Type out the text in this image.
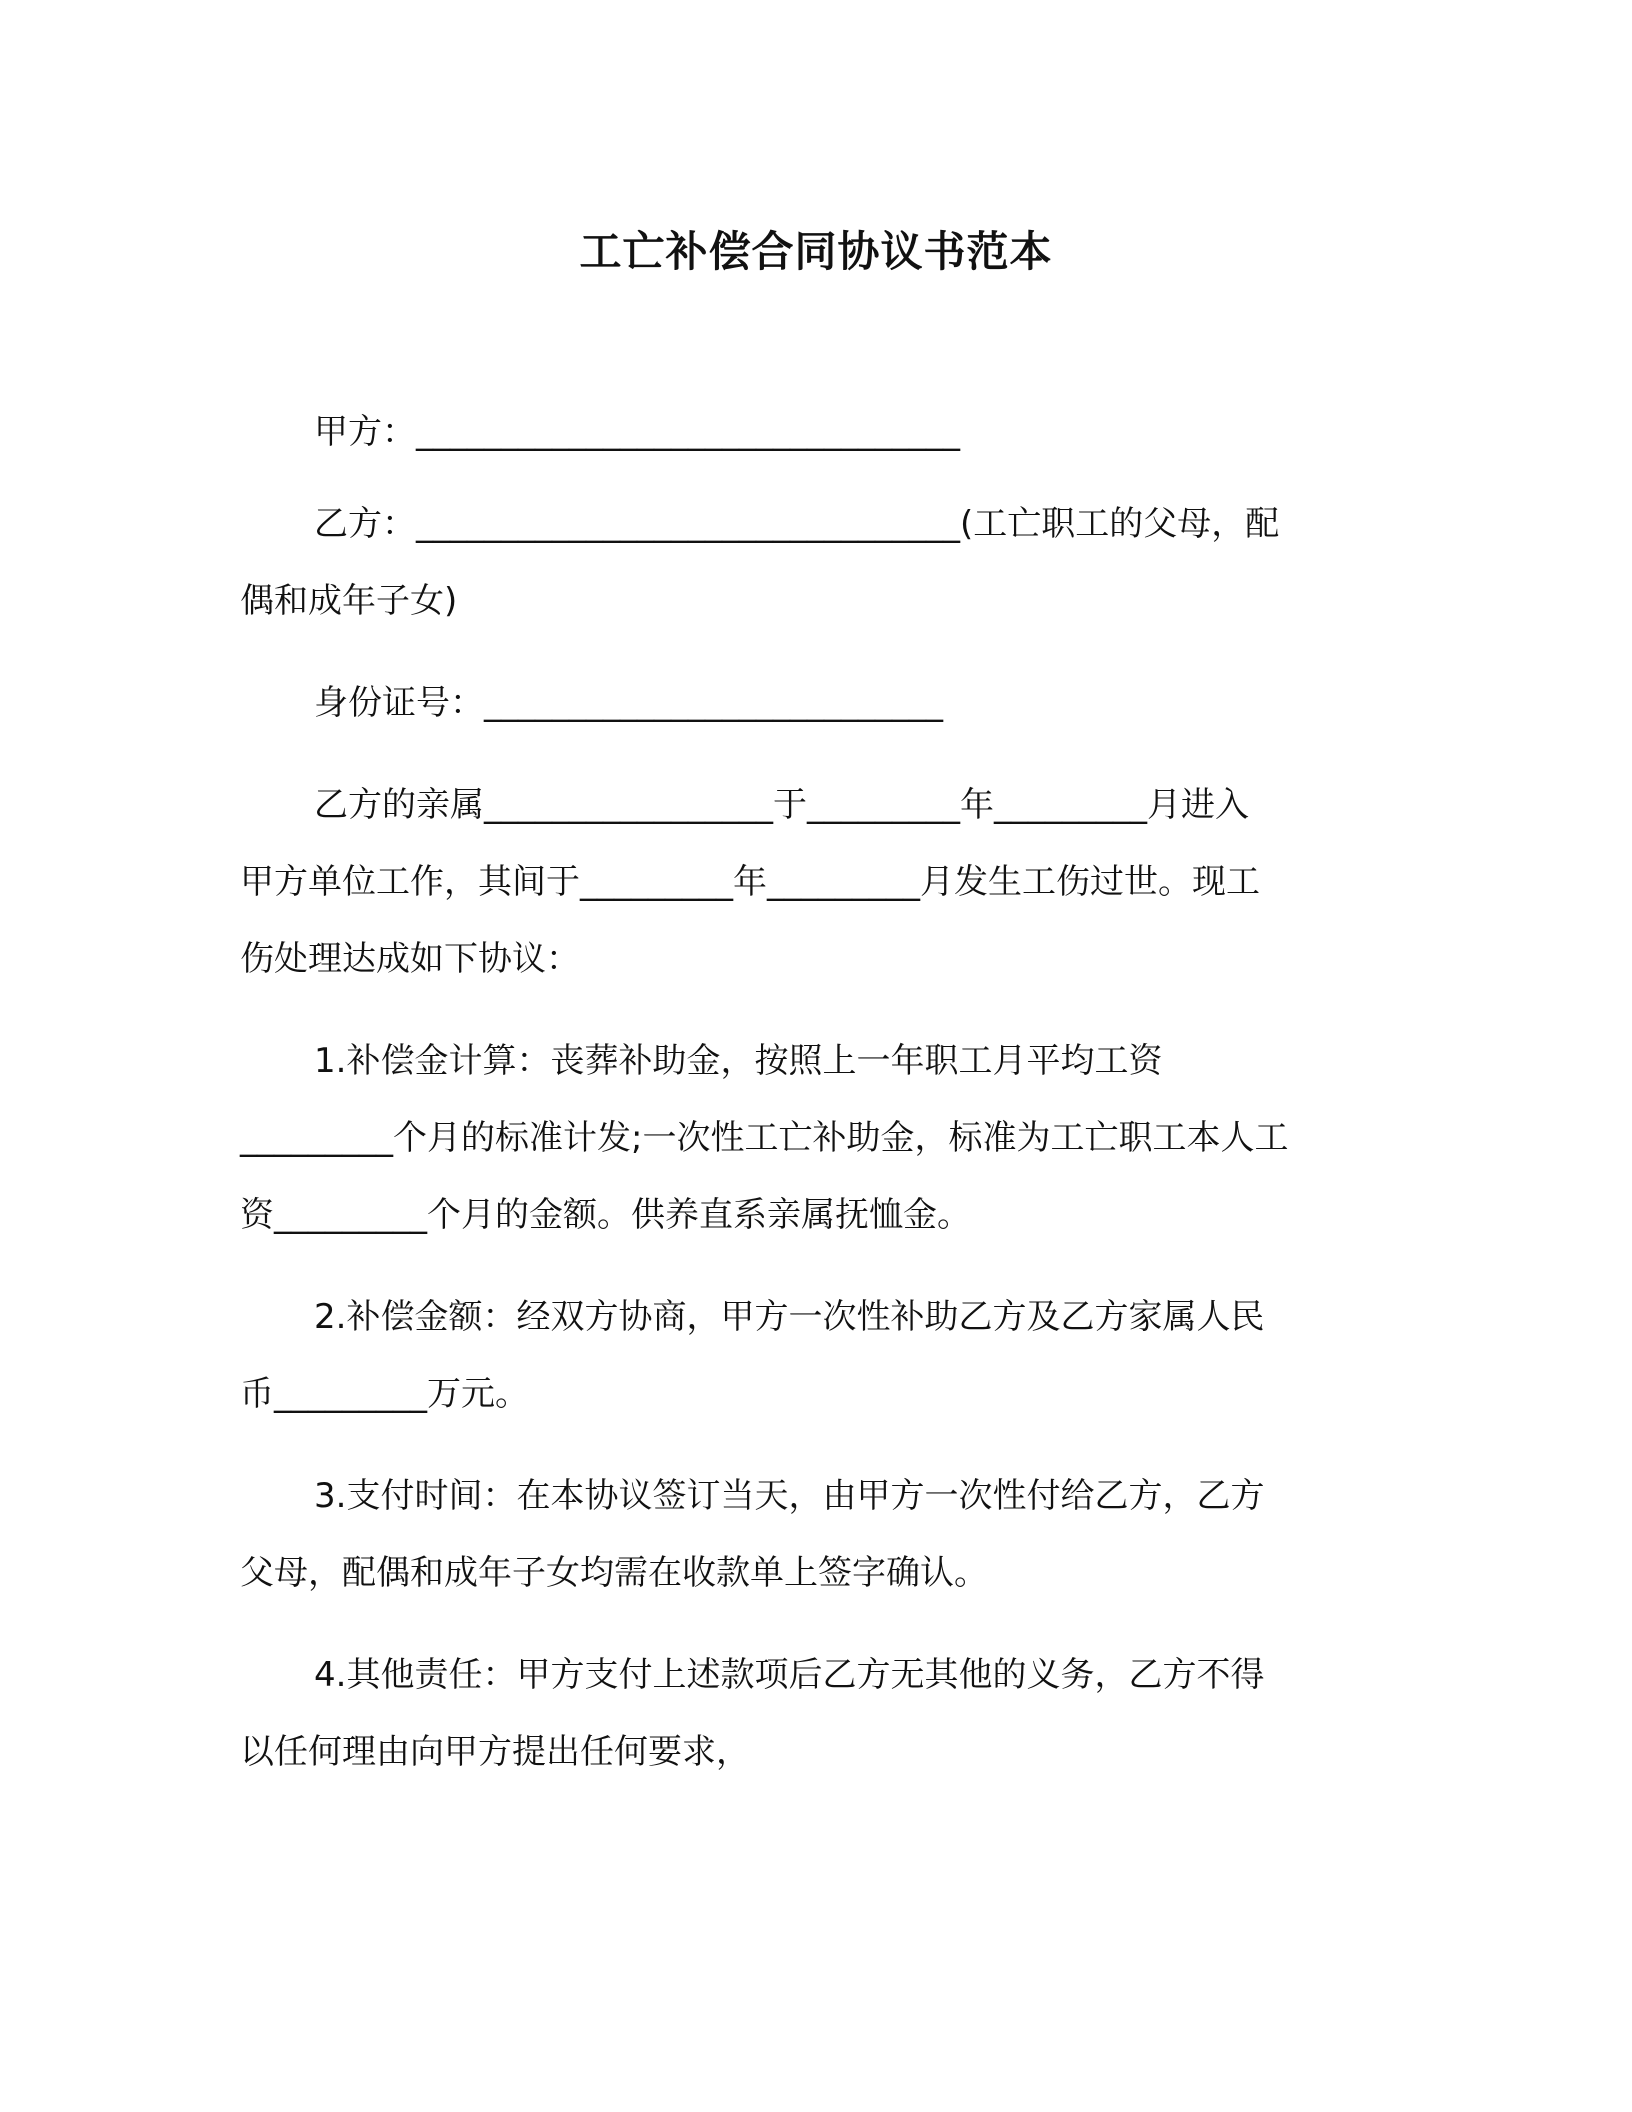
工亡补偿合同协议书范本
甲方：________________________________
乙方：________________________________(工亡职工的父母，配
偶和成年子女)
身份证号：___________________________
乙方的亲属_________________于_________年_________月进入
甲方单位工作，其间于_________年_________月发生工伤过世。现工
伤处理达成如下协议：
1.补偿金计算：丧葬补助金，按照上一年职工月平均工资
_________个月的标准计发;一次性工亡补助金，标准为工亡职工本人工
资_________个月的金额。供养直系亲属抚恤金。
2.补偿金额：经双方协商，甲方一次性补助乙方及乙方家属人民
币_________万元。
3.支付时间：在本协议签订当天，由甲方一次性付给乙方，乙方
父母，配偶和成年子女均需在收款单上签字确认。
4.其他责任：甲方支付上述款项后乙方无其他的义务，乙方不得
以任何理由向甲方提出任何要求，
